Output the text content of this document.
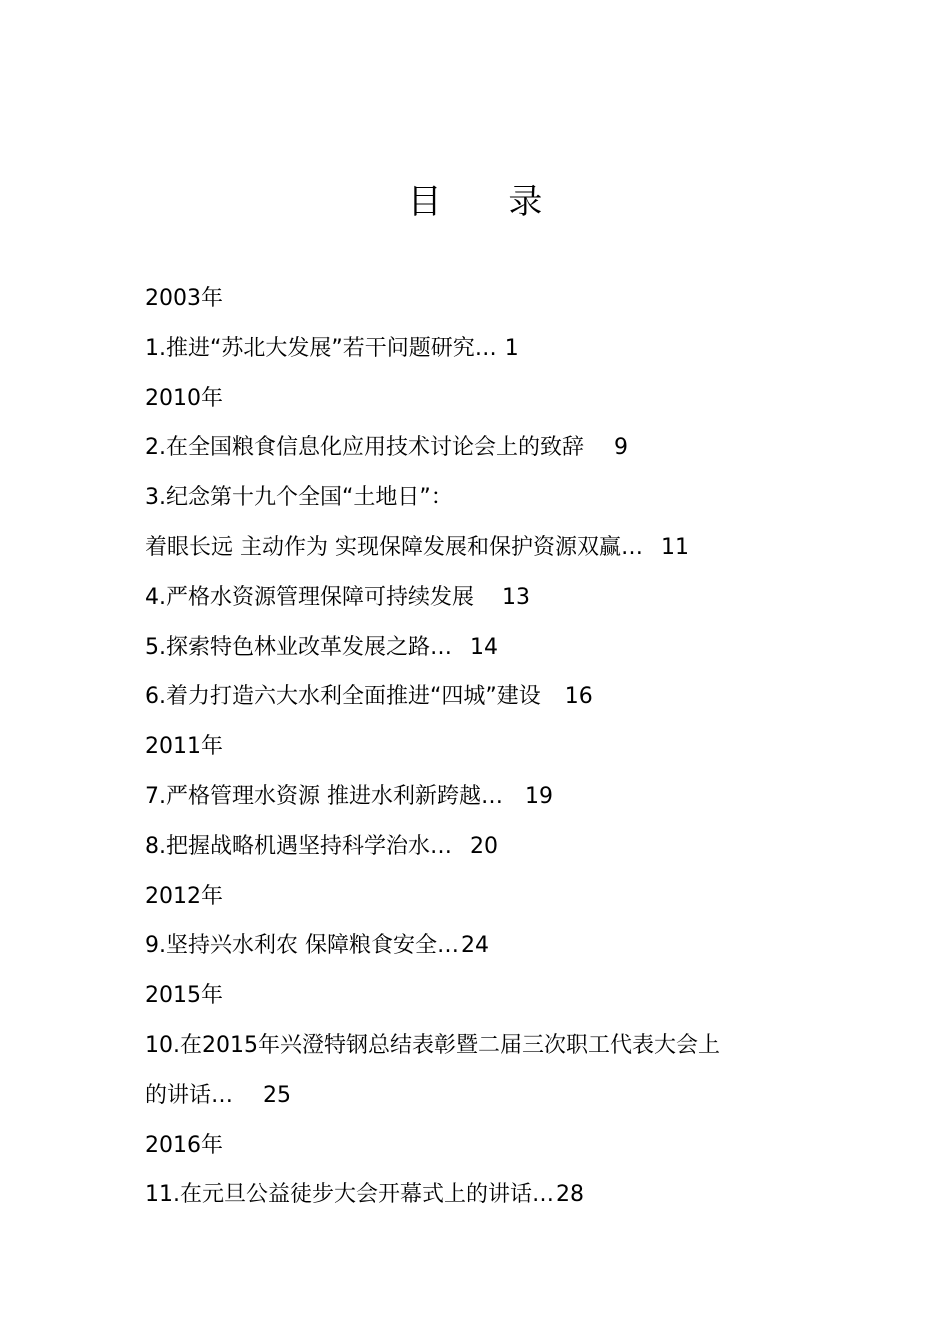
目 录
2003年
1.推进“苏北大发展”若干问题研究… 1
2010年
2.在全国粮食信息化应用技术讨论会上的致辞 9
3.纪念第十九个全国“土地日”：
着眼长远 主动作为 实现保障发展和保护资源双赢… 11
4.严格水资源管理保障可持续发展 13
5.探索特色林业改革发展之路… 14
6.着力打造六大水利全面推进“四城”建设 16
2011年
7.严格管理水资源 推进水利新跨越… 19
8.把握战略机遇坚持科学治水… 20
2012年
9.坚持兴水利农 保障粮食安全…24
2015年
10.在2015年兴澄特钢总结表彰暨二届三次职工代表大会上
的讲话… 25
2016年
11.在元旦公益徒步大会开幕式上的讲话…28
